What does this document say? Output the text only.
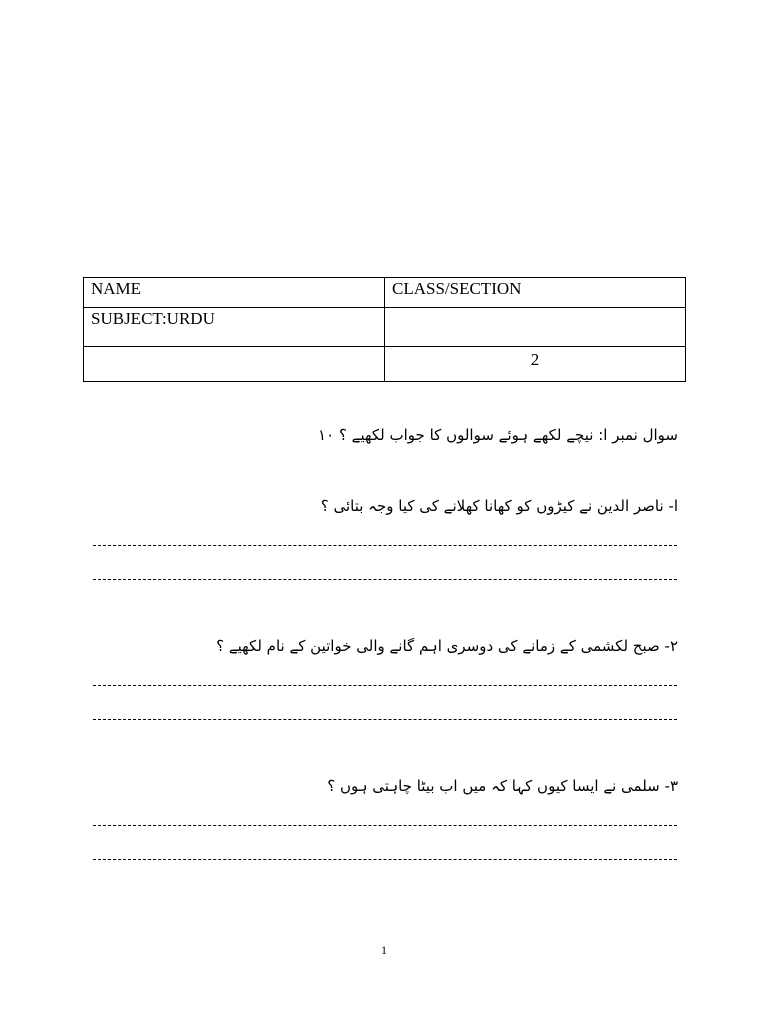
NAME	CLASS/SECTION
SUBJECT:URDU	
	2
سوال نمبر ا: نیچے لکھے ہوئے سوالوں کا جواب لکھیے ؟ ١٠
ا- ناصر الدین نے کیڑوں کو کھانا کھلانے کی کیا وجہ بتائی ؟
٢- صبح لکشمی کے زمانے کی دوسری اہم گانے والی خواتین کے نام لکھیے ؟
٣- سلمی نے ایسا کیوں کہا کہ میں اب بیٹا چاہتی ہوں ؟
1
